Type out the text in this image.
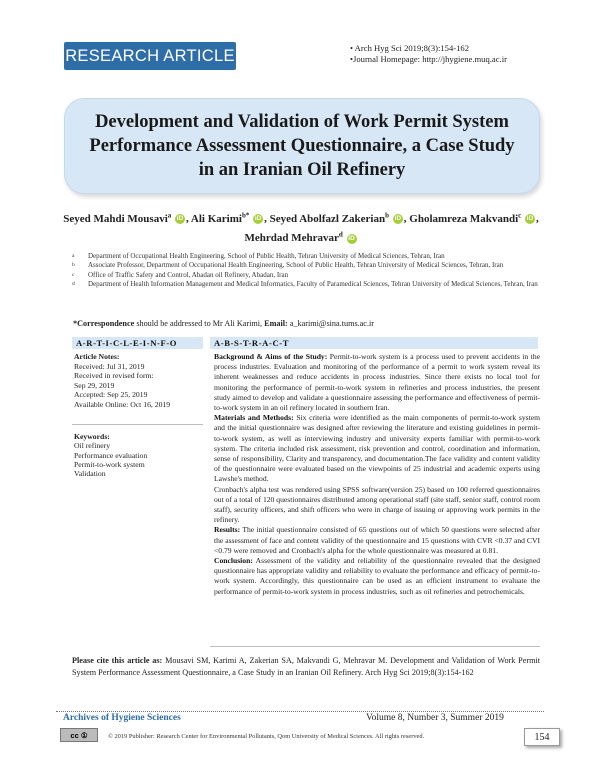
RESEARCH ARTICLE	• Arch Hyg Sci 2019;8(3):154-162
•Journal Homepage: http://jhygiene.muq.ac.ir
Development and Validation of Work Permit System Performance Assessment Questionnaire, a Case Study in an Iranian Oil Refinery
Seyed Mahdi Mousavi$^a$ iD , Ali Karimi$^{b*}$ iD , Seyed Abolfazl Zakerian$^b$ iD , Gholamreza Makvandi$^c$ iD , Mehrdad Mehravar$^d$ iD
a	Department of Occupational Health Engineering, School of Public Health, Tehran University of Medical Sciences, Tehran, Iran
b	Associate Professor, Department of Occupational Health Engineering, School of Public Health, Tehran University of Medical Sciences, Tehran, Iran
c	Office of Traffic Safety and Control, Abadan oil Refinery, Abadan, Iran
d	Department of Health Information Management and Medical Informatics, Faculty of Paramedical Sciences, Tehran University of Medical Sciences, Tehran, Iran
*Correspondence should be addressed to Mr Ali Karimi, Email: a_karimi@sina.tums.ac.ir
A-R-T-I-C-L-E-I-N-F-O
Article Notes:
Received: Jul 31, 2019
Received in revised form:
Sep 29, 2019
Accepted: Sep 25, 2019
Available Online: Oct 16, 2019
Keywords:
Oil refinery
Performance evaluation
Permit-to-work system
Validation
A-B-S-T-R-A-C-T

Background & Aims of the Study: Permit-to-work system is a process used to prevent accidents in the process industries. Evaluation and monitoring of the performance of a permit to work system reveal its inherent weaknesses and reduce accidents in process industries. Since there exists no local tool for monitoring the performance of permit-to-work system in refineries and process industries, the present study aimed to develop and validate a questionnaire assessing the performance and effectiveness of permit-to-work system in an oil refinery located in southern Iran.

Materials and Methods: Six criteria were identified as the main components of permit-to-work system and the initial questionnaire was designed after reviewing the literature and existing guidelines in permit-to-work system, as well as interviewing industry and university experts familiar with permit-to-work system. The criteria included risk assessment, risk prevention and control, coordination and information, sense of responsibility, Clarity and transparency, and documentation.The face validity and content validity of the questionnaire were evaluated based on the viewpoints of 25 industrial and academic experts using Lawshe's method.

Cronbach's alpha test was rendered using SPSS software(version 25) based on 100 referred questionnaires out of a total of 120 questionnaires distributed among operational staff (site staff, senior staff, control room staff), security officers, and shift officers who were in charge of issuing or approving work permits in the refinery.

Results: The initial questionnaire consisted of 65 questions out of which 50 questions were selected after the assessment of face and content validity of the questionnaire and 15 questions with CVR <0.37 and CVI <0.79 were removed and Cronbach's alpha for the whole questionnaire was measured at 0.81.

Conclusion: Assessment of the validity and reliability of the questionnaire revealed that the designed questionnaire has appropriate validity and reliability to evaluate the performance and efficacy of permit-to-work system. Accordingly, this questionnaire can be used as an efficient instrument to evaluate the performance of permit-to-work system in process industries, such as oil refineries and petrochemicals.

Please cite this article as: Mousavi SM, Karimi A, Zakerian SA, Makvandi G, Mehravar M. Development and Validation of Work Permit System Performance Assessment Questionnaire, a Case Study in an Iranian Oil Refinery. Arch Hyg Sci 2019;8(3):154-162
Archives of Hygiene Sciences	Volume 8, Number 3, Summer 2019
cc ①	© 2019 Publisher: Research Center for Environmental Pollutants, Qom University of Medical Sciences. All rights reserved.	154
